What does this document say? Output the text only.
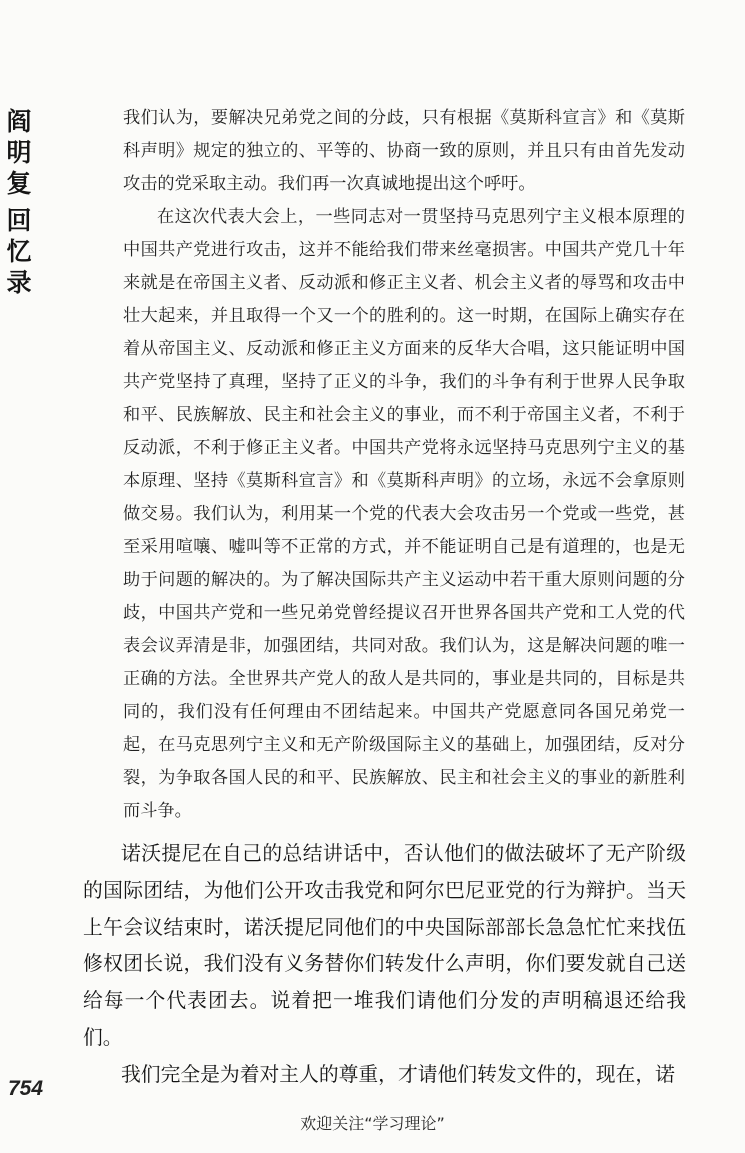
阎
明
复
回
忆
录

我们认为，要解决兄弟党之间的分歧，只有根据《莫斯科宣言》和《莫斯科声明》规定的独立的、平等的、协商一致的原则，并且只有由首先发动攻击的党采取主动。我们再一次真诚地提出这个呼吁。

在这次代表大会上，一些同志对一贯坚持马克思列宁主义根本原理的中国共产党进行攻击，这并不能给我们带来丝毫损害。中国共产党几十年来就是在帝国主义者、反动派和修正主义者、机会主义者的辱骂和攻击中壮大起来，并且取得一个又一个的胜利的。这一时期，在国际上确实存在着从帝国主义、反动派和修正主义方面来的反华大合唱，这只能证明中国共产党坚持了真理，坚持了正义的斗争，我们的斗争有利于世界人民争取和平、民族解放、民主和社会主义的事业，而不利于帝国主义者，不利于反动派，不利于修正主义者。中国共产党将永远坚持马克思列宁主义的基本原理、坚持《莫斯科宣言》和《莫斯科声明》的立场，永远不会拿原则做交易。我们认为，利用某一个党的代表大会攻击另一个党或一些党，甚至采用喧嚷、嘘叫等不正常的方式，并不能证明自己是有道理的，也是无助于问题的解决的。为了解决国际共产主义运动中若干重大原则问题的分歧，中国共产党和一些兄弟党曾经提议召开世界各国共产党和工人党的代表会议弄清是非，加强团结，共同对敌。我们认为，这是解决问题的唯一正确的方法。全世界共产党人的敌人是共同的，事业是共同的，目标是共同的，我们没有任何理由不团结起来。中国共产党愿意同各国兄弟党一起，在马克思列宁主义和无产阶级国际主义的基础上，加强团结，反对分裂，为争取各国人民的和平、民族解放、民主和社会主义的事业的新胜利而斗争。

诺沃提尼在自己的总结讲话中，否认他们的做法破坏了无产阶级的国际团结，为他们公开攻击我党和阿尔巴尼亚党的行为辩护。当天上午会议结束时，诺沃提尼同他们的中央国际部部长急急忙忙来找伍修权团长说，我们没有义务替你们转发什么声明，你们要发就自己送给每一个代表团去。说着把一堆我们请他们分发的声明稿退还给我们。

我们完全是为着对主人的尊重，才请他们转发文件的，现在，诺

754
欢迎关注“学习理论”
